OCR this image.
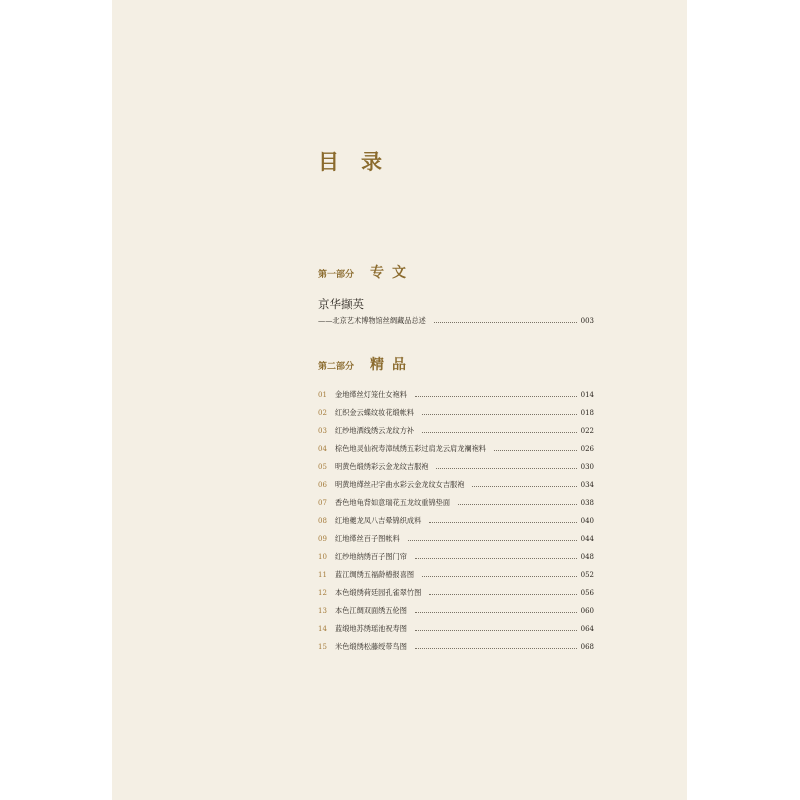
目录
第一部分	专文
京华撷英
——北京艺术博物馆丝绸藏品总述	003
第二部分	精品
01	金地缂丝灯笼仕女袍料	014
02	红织金云蝶纹妆花缎帐料	018
03	红纱地洒线绣云龙纹方补	022
04	棕色地灵仙祝寿漳绒绣五彩过肩龙云肩龙襕袍料	026
05	明黄色缎绣彩云金龙纹吉服袍	030
06	明黄地缂丝卍字曲水彩云金龙纹女吉服袍	034
07	香色地龟背如意瑞花五龙纹重锦垫面	038
08	红地夔龙凤八吉晕锦织成料	040
09	红地缂丝百子图帐料	044
10	红纱地纳绣百子图门帘	048
11	蓝江绸绣五福龄椿报喜图	052
12	本色缎绣荷廷园孔雀翠竹图	056
13	本色江绸双面绣五伦图	060
14	蓝缎地苏绣瑶池祝寿图	064
15	米色缎绣松藤绶带鸟图	068
